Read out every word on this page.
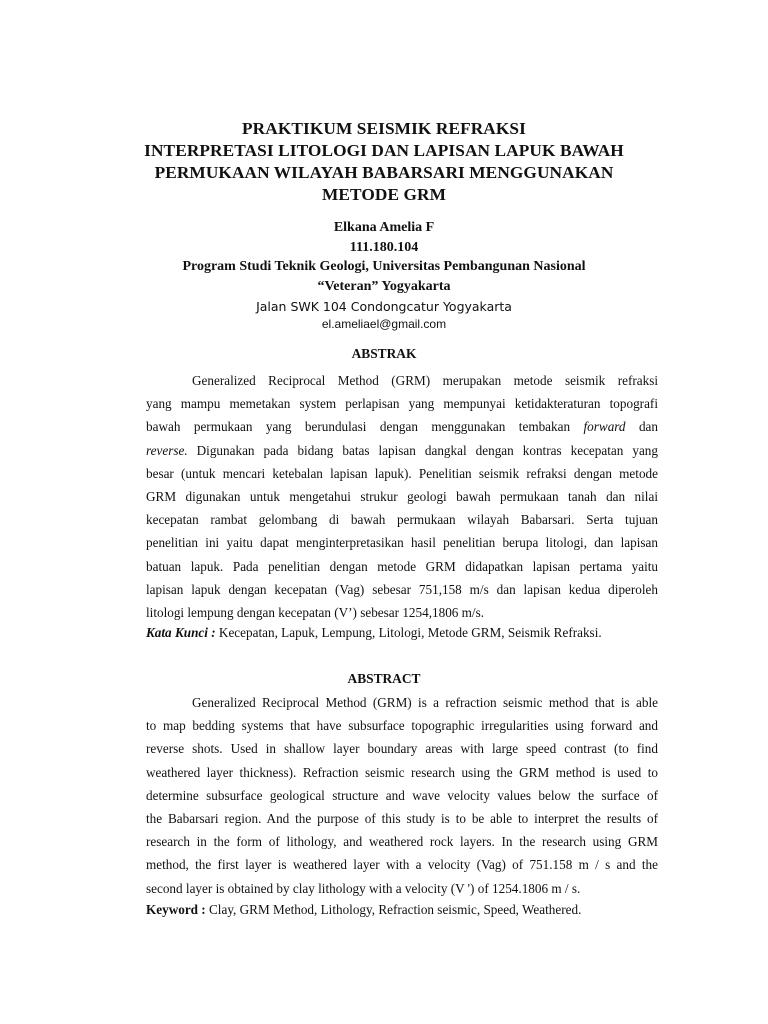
PRAKTIKUM SEISMIK REFRAKSI
INTERPRETASI LITOLOGI DAN LAPISAN LAPUK BAWAH
PERMUKAAN WILAYAH BABARSARI MENGGUNAKAN
METODE GRM
Elkana Amelia F
111.180.104
Program Studi Teknik Geologi, Universitas Pembangunan Nasional
“Veteran” Yogyakarta
Jalan SWK 104 Condongcatur Yogyakarta
el.ameliael@gmail.com
ABSTRAK
Generalized Reciprocal Method (GRM) merupakan metode seismik refraksi
yang mampu memetakan system perlapisan yang mempunyai ketidakteraturan topografi
bawah permukaan yang berundulasi dengan menggunakan tembakan forward dan
reverse. Digunakan pada bidang batas lapisan dangkal dengan kontras kecepatan yang
besar (untuk mencari ketebalan lapisan lapuk). Penelitian seismik refraksi dengan metode
GRM digunakan untuk mengetahui strukur geologi bawah permukaan tanah dan nilai
kecepatan rambat gelombang di bawah permukaan wilayah Babarsari. Serta tujuan
penelitian ini yaitu dapat menginterpretasikan hasil penelitian berupa litologi, dan lapisan
batuan lapuk. Pada penelitian dengan metode GRM didapatkan lapisan pertama yaitu
lapisan lapuk dengan kecepatan (Vag) sebesar 751,158 m/s dan lapisan kedua diperoleh
litologi lempung dengan kecepatan (V’) sebesar 1254,1806 m/s.
Kata Kunci : Kecepatan, Lapuk, Lempung, Litologi, Metode GRM, Seismik Refraksi.
ABSTRACT
Generalized Reciprocal Method (GRM) is a refraction seismic method that is able
to map bedding systems that have subsurface topographic irregularities using forward and
reverse shots. Used in shallow layer boundary areas with large speed contrast (to find
weathered layer thickness). Refraction seismic research using the GRM method is used to
determine subsurface geological structure and wave velocity values below the surface of
the Babarsari region. And the purpose of this study is to be able to interpret the results of
research in the form of lithology, and weathered rock layers. In the research using GRM
method, the first layer is weathered layer with a velocity (Vag) of 751.158 m / s and the
second layer is obtained by clay lithology with a velocity (V ') of 1254.1806 m / s.
Keyword : Clay, GRM Method, Lithology, Refraction seismic, Speed, Weathered.
